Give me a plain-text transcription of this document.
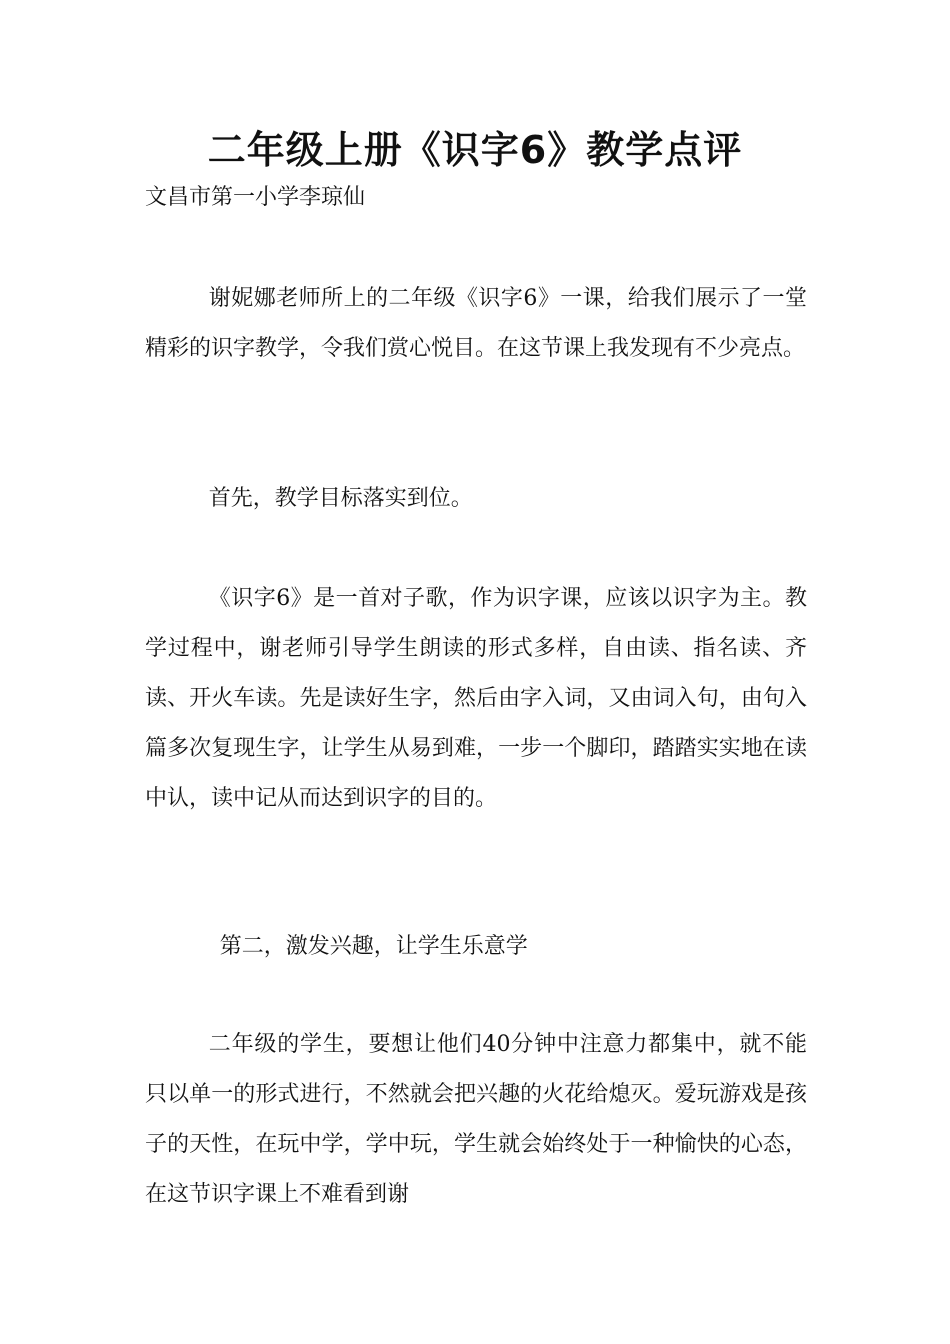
二年级上册《识字6》教学点评

文昌市第一小学李琼仙

谢妮娜老师所上的二年级《识字6》一课，给我们展示了一堂精彩的识字教学，令我们赏心悦目。在这节课上我发现有不少亮点。

首先，教学目标落实到位。

《识字6》是一首对子歌，作为识字课，应该以识字为主。教学过程中，谢老师引导学生朗读的形式多样，自由读、指名读、齐读、开火车读。先是读好生字，然后由字入词，又由词入句，由句入篇多次复现生字，让学生从易到难，一步一个脚印，踏踏实实地在读中认，读中记从而达到识字的目的。

第二，激发兴趣，让学生乐意学

二年级的学生，要想让他们40分钟中注意力都集中，就不能只以单一的形式进行，不然就会把兴趣的火花给熄灭。爱玩游戏是孩子的天性，在玩中学，学中玩，学生就会始终处于一种愉快的心态，在这节识字课上不难看到谢
